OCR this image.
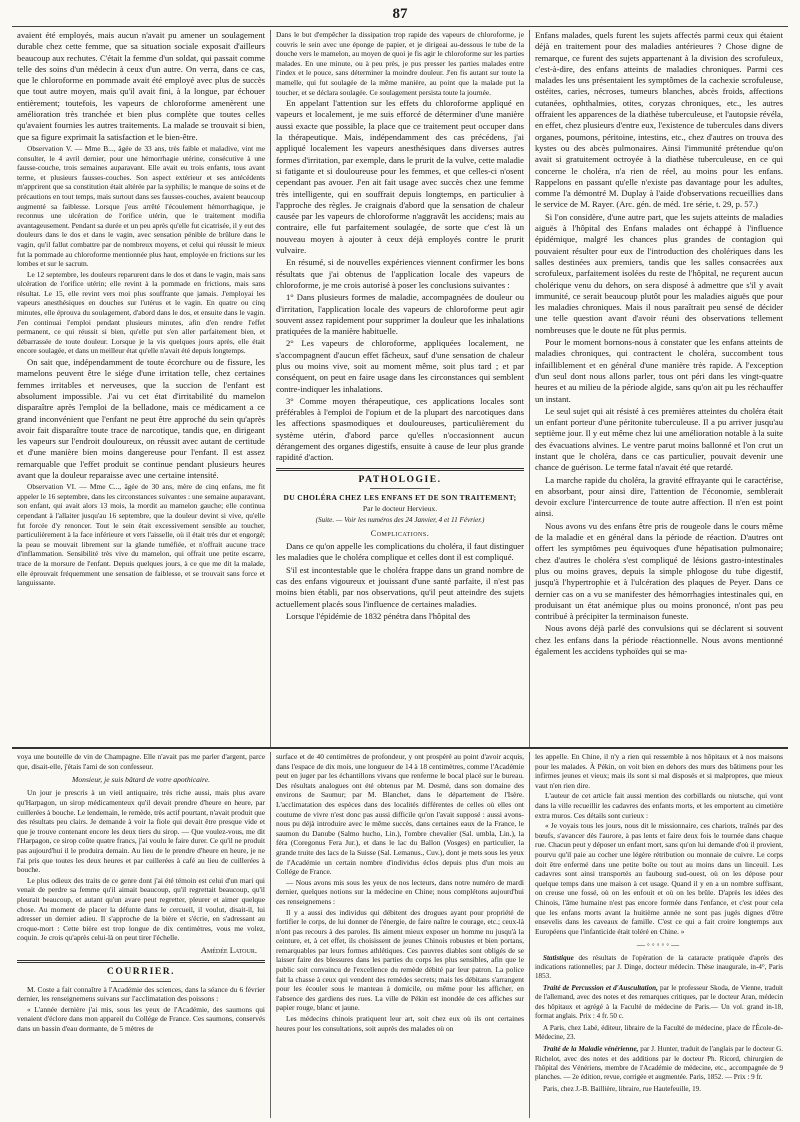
87

avaient été employés, mais aucun n'avait pu amener un soulagement durable chez cette femme, que sa situation sociale exposait d'ailleurs beaucoup aux rechutes. C'était la femme d'un soldat, qui passait comme telle des soins d'un médecin à ceux d'un autre. On verra, dans ce cas, que le chloroforme en pommade avait été employé avec plus de succès que tout autre moyen, mais qu'il avait fini, à la longue, par échouer entièrement; toutefois, les vapeurs de chloroforme amenèrent une amélioration très tranchée et bien plus complète que toutes celles qu'avaient fournies les autres traitements. La malade se trouvait si bien, que sa figure exprimait la satisfaction et le bien-être.

Observation V. — Mme B..., âgée de 33 ans, très faible et maladive, vint me consulter, le 4 avril dernier, pour une hémorrhagie utérine, consécutive à une fausse-couche, trois semaines auparavant. Elle avait eu trois enfants, tous avant terme, et plusieurs fausses-couches. Son aspect extérieur et ses antécédents m'apprirent que sa constitution était altérée par la syphilis; le manque de soins et de précautions en tout temps, mais surtout dans ses fausses-couches, avaient beaucoup augmenté sa faiblesse. Lorsque j'eus arrêté l'écoulement hémorrhagique, je reconnus une ulcération de l'orifice utérin, que le traitement modifia avantageusement. Pendant sa durée et un peu après qu'elle fut cicatrisée, il y eut des douleurs dans le dos et dans le vagin, avec sensation pénible de brûlure dans le vagin, qu'il fallut combattre par de nombreux moyens, et celui qui réussit le mieux fut la pommade au chloroforme mentionnée plus haut, employée en frictions sur les lombes et sur le sacrum.

Le 12 septembre, les douleurs reparurent dans le dos et dans le vagin, mais sans ulcération de l'orifice utérin; elle revint à la pommade en frictions, mais sans résultat. Le 15, elle revint vers moi plus souffrante que jamais. J'employai les vapeurs anesthésiques en douches sur l'utérus et le vagin. En quatre ou cinq minutes, elle éprouva du soulagement, d'abord dans le dos, et ensuite dans le vagin. J'en continuai l'emploi pendant plusieurs minutes, afin d'en rendre l'effet permanent, ce qui réussit si bien, qu'elle put s'en aller parfaitement bien, et débarrassée de toute douleur. Lorsque je la vis quelques jours après, elle était encore soulagée, et dans un meilleur état qu'elle n'avait été depuis longtemps.

On sait que, indépendamment de toute écorchure ou de fissure, les mamelons peuvent être le siége d'une irritation telle, chez certaines femmes irritables et nerveuses, que la succion de l'enfant est absolument impossible. J'ai vu cet état d'irritabilité du mamelon disparaître après l'emploi de la belladone, mais ce médicament a ce grand inconvénient que l'enfant ne peut être approché du sein qu'après avoir fait disparaître toute trace de narcotique, tandis que, en dirigeant les vapeurs sur l'endroit douloureux, on réussit avec autant de certitude et d'une manière bien moins dangereuse pour l'enfant. Il est assez remarquable que l'effet produit se continue pendant plusieurs heures avant que la douleur reparaisse avec une certaine intensité.

Observation VI. — Mme C..., âgée de 30 ans, mère de cinq enfans, me fit appeler le 16 septembre, dans les circonstances suivantes : une semaine auparavant, son enfant, qui avait alors 13 mois, la mordit au mamelon gauche; elle continua cependant à l'allaiter jusqu'au 16 septembre, que la douleur devint si vive, qu'elle fut forcée d'y renoncer. Tout le sein était excessivement sensible au toucher, particulièrement à la face inférieure et vers l'aisselle, où il était très dur et engorgé; la peau se mouvait librement sur la glande tuméfiée, et n'offrait aucune trace d'inflammation. Sensibilité très vive du mamelon, qui offrait une petite escarre, trace de la morsure de l'enfant. Depuis quelques jours, à ce que me dit la malade, elle éprouvait fréquemment une sensation de faiblesse, et se trouvait sans force et languissante.

Dans le but d'empêcher la dissipation trop rapide des vapeurs de chloroforme, je couvris le sein avec une éponge de papier, et je dirigeai au-dessous le tube de la douche vers le mamelon, au moyen de quoi je fis agir le chloroforme sur les parties malades. En une minute, ou à peu près, je pus presser les parties malades entre l'index et le pouce, sans déterminer la moindre douleur. J'en fis autant sur toute la mamelle, qui fut soulagée de la même manière, au point que la malade put la toucher, et se déclara soulagée. Ce soulagement persista toute la journée.

En appelant l'attention sur les effets du chloroforme appliqué en vapeurs et localement, je me suis efforcé de déterminer d'une manière aussi exacte que possible, la place que ce traitement peut occuper dans la thérapeutique. Mais, indépendamment des cas précédens, j'ai appliqué localement les vapeurs anesthésiques dans diverses autres formes d'irritation, par exemple, dans le prurit de la vulve, cette maladie si fatigante et si douloureuse pour les femmes, et que celles-ci n'osent cependant pas avouer. J'en ait fait usage avec succès chez une femme très intelligente, qui en souffrait depuis longtemps, en particulier à l'approche des règles. Je craignais d'abord que la sensation de chaleur causée par les vapeurs de chloroforme n'aggravât les accidens; mais au contraire, elle fut parfaitement soulagée, de sorte que c'est là un nouveau moyen à ajouter à ceux déjà employés contre le prurit vulvaire.

En résumé, si de nouvelles expériences viennent confirmer les bons résultats que j'ai obtenus de l'application locale des vapeurs de chloroforme, je me crois autorisé à poser les conclusions suivantes :

1° Dans plusieurs formes de maladie, accompagnées de douleur ou d'irritation, l'application locale des vapeurs de chloroforme peut agir souvent assez rapidement pour supprimer la douleur que les inhalations pratiquées de la manière habituelle.

2° Les vapeurs de chloroforme, appliquées localement, ne s'accompagnent d'aucun effet fâcheux, sauf d'une sensation de chaleur plus ou moins vive, soit au moment même, soit plus tard ; et par conséquent, on peut en faire usage dans les circonstances qui semblent contre-indiquer les inhalations.

3° Comme moyen thérapeutique, ces applications locales sont préférables à l'emploi de l'opium et de la plupart des narcotiques dans les affections spasmodiques et douloureuses, particulièrement du système utérin, d'abord parce qu'elles n'occasionnent aucun dérangement des organes digestifs, ensuite à cause de leur plus grande rapidité d'action.

PATHOLOGIE.
DU CHOLÉRA CHEZ LES ENFANS ET DE SON TRAITEMENT;
Par le docteur Hervieux.
(Suite. — Voir les numéros des 24 Janvier, 4 et 11 Février.)
Complications.

Dans ce qu'on appelle les complications du choléra, il faut distinguer les maladies que le choléra complique et celles dont il est compliqué.

S'il est incontestable que le choléra frappe dans un grand nombre de cas des enfans vigoureux et jouissant d'une santé parfaite, il n'est pas moins bien établi, par nos observations, qu'il peut atteindre des sujets actuellement placés sous l'influence de certaines maladies.

Lorsque l'épidémie de 1832 pénétra dans l'hôpital des

Enfans malades, quels furent les sujets affectés parmi ceux qui étaient déjà en traitement pour des maladies antérieures ? Chose digne de remarque, ce furent des sujets appartenant à la division des scrofuleux, c'est-à-dire, des enfans atteints de maladies chroniques. Parmi ces malades les uns présentaient les symptômes de la cachexie scrofuleuse, ostéites, caries, nécroses, tumeurs blanches, abcès froids, affections cutanées, ophthalmies, otites, coryzas chroniques, etc., les autres offraient les apparences de la diathèse tuberculeuse, et l'autopsie révéla, en effet, chez plusieurs d'entre eux, l'existence de tubercules dans divers organes, poumons, péritoine, intestins, etc., chez d'autres on trouva des kystes ou des abcès pulmonaires. Ainsi l'immunité prétendue qu'on avait si gratuitement octroyée à la diathèse tuberculeuse, en ce qui concerne le choléra, n'a rien de réel, au moins pour les enfans. Rappelons en passant qu'elle n'existe pas davantage pour les adultes, comme l'a démontré M. Duplay à l'aide d'observations recueillies dans le service de M. Rayer. (Arc. gén. de méd. 1re série, t. 29, p. 57.)

Si l'on considère, d'une autre part, que les sujets atteints de maladies aiguës à l'hôpital des Enfans malades ont échappé à l'influence épidémique, malgré les chances plus grandes de contagion qui pouvaient résulter pour eux de l'introduction des cholériques dans les salles destinées aux premiers, tandis que les salles consacrées aux scrofuleux, parfaitement isolées du reste de l'hôpital, ne reçurent aucun cholérique venu du dehors, on sera disposé à admettre que s'il y avait immunité, ce serait beaucoup plutôt pour les maladies aiguës que pour les maladies chroniques. Mais il nous paraîtrait peu sensé de décider une telle question avant d'avoir réuni des observations tellement nombreuses que le doute ne fût plus permis.

Pour le moment bornons-nous à constater que les enfans atteints de maladies chroniques, qui contractent le choléra, succombent tous infailliblement et en général d'une manière très rapide. A l'exception d'un seul dont nous allons parler, tous ont péri dans les vingt-quatre heures et au milieu de la période algide, sans qu'on ait pu les réchauffer un instant.

Le seul sujet qui ait résisté à ces premières atteintes du choléra était un enfant porteur d'une péritonite tuberculeuse. Il a pu arriver jusqu'au septième jour. Il y eut même chez lui une amélioration notable à la suite des évacuations alvines. Le ventre parut moins ballonné et l'on crut un instant que le choléra, dans ce cas particulier, pouvait devenir une chance de guérison. Le terme fatal n'avait été que retardé.

La marche rapide du choléra, la gravité effrayante qui le caractérise, en absorbant, pour ainsi dire, l'attention de l'économie, semblerait devoir exclure l'intercurrence de toute autre affection. Il n'en est point ainsi.

Nous avons vu des enfans être pris de rougeole dans le cours même de la maladie et en général dans la période de réaction. D'autres ont offert les symptômes peu équivoques d'une hépatisation pulmonaire; chez d'autres le choléra s'est compliqué de lésions gastro-intestinales plus ou moins graves, depuis la simple phlogose du tube digestif, jusqu'à l'hypertrophie et à l'ulcération des plaques de Peyer. Dans ce dernier cas on a vu se manifester des hémorrhagies intestinales qui, en produisant un état anémique plus ou moins prononcé, n'ont pas peu contribué à précipiter la terminaison funeste.

Nous avons déjà parlé des convulsions qui se déclarent si souvent chez les enfans dans la période réactionnelle. Nous avons mentionné également les accidens typhoïdes qui se ma-

voya une bouteille de vin de Champagne. Elle n'avait pas me parler d'argent, parce que, disait-elle, j'étais l'ami de son confesseur.

Monsieur, je suis bâtard de votre apothicaire.

Un jour je prescris à un vieil antiquaire, très riche aussi, mais plus avare qu'Harpagon, un sirop médicamenteux qu'il devait prendre d'heure en heure, par cuillerées à bouche. Le lendemain, le remède, très actif pourtant, n'avait produit que des résultats peu clairs. Je demande à voir la fiole qui devait être presque vide et que je trouve contenant encore les deux tiers du sirop. — Que voulez-vous, me dit l'Harpagon, ce sirop coûte quatre francs, j'ai voulu le faire durer. Ce qu'il ne produit pas aujourd'hui il le produira demain. Au lieu de le prendre d'heure en heure, je ne l'ai pris que toutes les deux heures et par cuillerées à café au lieu de cuillerées à bouche.

Le plus odieux des traits de ce genre dont j'ai été témoin est celui d'un mari qui venait de perdre sa femme qu'il aimait beaucoup, qu'il regrettait beaucoup, qu'il pleurait beaucoup, et autant qu'un avare peut regretter, pleurer et aimer quelque chose. Au moment de placer la défunte dans le cercueil, il voulut, disait-il, lui adresser un dernier adieu. Il s'approche de la bière et s'écrie, en s'adressant au croque-mort : Cette bière est trop longue de dix centimètres, vous me volez, coquin. Je crois qu'après celui-là on peut tirer l'échelle.

Amédée Latour.
COURRIER.

M. Coste a fait connaître à l'Académie des sciences, dans la séance du 6 février dernier, les renseignemens suivans sur l'acclimatation des poissons :

« L'année dernière j'ai mis, sous les yeux de l'Académie, des saumons qui venaient d'éclore dans mon appareil du Collége de France. Ces saumons, conservés dans un bassin d'eau dormante, de 5 mètres de

surface et de 40 centimètres de profondeur, y ont prospéré au point d'avoir acquis, dans l'espace de dix mois, une longueur de 14 à 18 centimètres, comme l'Académie peut en juger par les échantillons vivans que renferme le bocal placé sur le bureau. Des résultats analogues ont été obtenus par M. Desmé, dans son domaine des environs de Saumur; par M. Blanchet, dans le département de l'Isère. L'acclimatation des espèces dans des localités différentes de celles où elles ont coutume de vivre n'est donc pas aussi difficile qu'on l'avait supposé : aussi avons-nous pu déjà introduire avec le même succès, dans certaines eaux de la France, le saumon du Danube (Salmo hucho, Lin.), l'ombre chevalier (Sal. umbla, Lin.), la féra (Coregonus Fera Jur.), et dans le lac du Ballon (Vosges) en particulier, la grande truite des lacs de la Suisse (Sal. Lemanus., Cuv.), dont je mets sous les yeux de l'Académie un certain nombre d'individus éclos depuis plus d'un mois au Collége de France.

— Nous avons mis sous les yeux de nos lecteurs, dans notre numéro de mardi dernier, quelques notions sur la médecine en Chine; nous complétons aujourd'hui ces renseignemens :

Il y a aussi des individus qui débitent des drogues ayant pour propriété de fortifier le corps, de lui donner de l'énergie, de faire naître le courage, etc.; ceux-là n'ont pas recours à des paroles. Ils aiment mieux exposer un homme nu jusqu'à la ceinture, et, à cet effet, ils choisissent de jeunes Chinois robustes et bien portans, remarquables par leurs formes athlétiques. Ces pauvres diables sont obligés de se laisser faire des blessures dans les parties du corps les plus sensibles, afin que le public soit convaincu de l'excellence du remède débité par leur patron. La police fait la chasse à ceux qui vendent des remèdes secrets; mais les débitans s'arrangent pour les écouler sous le manteau à domicile, ou même pour les afficher, en l'absence des gardiens des rues. La ville de Pékin est inondée de ces affiches sur papier rouge, blanc et jaune.

Les médecins chinois pratiquent leur art, soit chez eux où ils ont certaines heures pour les consultations, soit auprès des malades où on

les appelle. En Chine, il n'y a rien qui ressemble à nos hôpitaux et à nos maisons pour les malades. À Pékin, on voit bien en dehors des murs des bâtimens pour les infirmes jeunes et vieux; mais ils sont si mal disposés et si malpropres, que mieux vaut n'en rien dire.

L'auteur de cet article fait aussi mention des corbillards ou niutsche, qui vont dans la ville recueillir les cadavres des enfants morts, et les emportent au cimetière extra muros. Ces détails sont curieux :

« Je voyais tous les jours, nous dit le missionnaire, ces chariots, traînés par des bœufs, s'avancer dès l'aurore, à pas lents et faire deux fois le tournée dans chaque rue. Chacun peut y déposer un enfant mort, sans qu'on lui demande d'où il provient, pourvu qu'il paie au cocher une légère rétribution ou monnaie de cuivre. Le corps doit être enfermé dans une petite boîte ou tout au moins dans un linceuil. Les cadavres sont ainsi transportés au faubourg sud-ouest, où on les dépose pour quelque temps dans une maison à cet usage. Quand il y en a un nombre suffisant, on creuse une fossé, où on les enfouit et où on les brûle. D'après les idées des Chinois, l'âme humaine n'est pas encore formée dans l'enfance, et c'est pour cela que les enfans morts avant la huitième année ne sont pas jugés dignes d'être ensevelis dans les caveaux de famille. C'est ce qui a fait croire longtemps aux Européens que l'infanticide était toléré en Chine. »

—◦◦◦◦◦—

Statistique des résultats de l'opération de la cataracte pratiquée d'après des indications rationnelles; par J. Dinge, docteur médecin. Thèse inaugurale, in-4°, Paris 1853.

Traité de Percussion et d'Auscultation, par le professeur Skoda, de Vienne, traduit de l'allemand, avec des notes et des remarques critiques, par le docteur Aran, médecin des hôpitaux et agrégé à la Faculté de médecine de Paris.— Un vol. grand in-18, format anglais. Prix : 4 fr. 50 c.

A Paris, chez Labé, éditeur, libraire de la Faculté de médecine, place de l'École-de-Médecine, 23.

Traité de la Maladie vénérienne, par J. Hunter, traduit de l'anglais par le docteur G. Richelot, avec des notes et des additions par le docteur Ph. Ricord, chirurgien de l'hôpital des Vénériens, membre de l'Académie de médecine, etc., accompagnée de 9 planches. — 2e édition, revue, corrigée et augmentée. Paris, 1852. — Prix : 9 fr.

Paris, chez J.-B. Baillière, libraire, rue Hautefeuille, 19.
